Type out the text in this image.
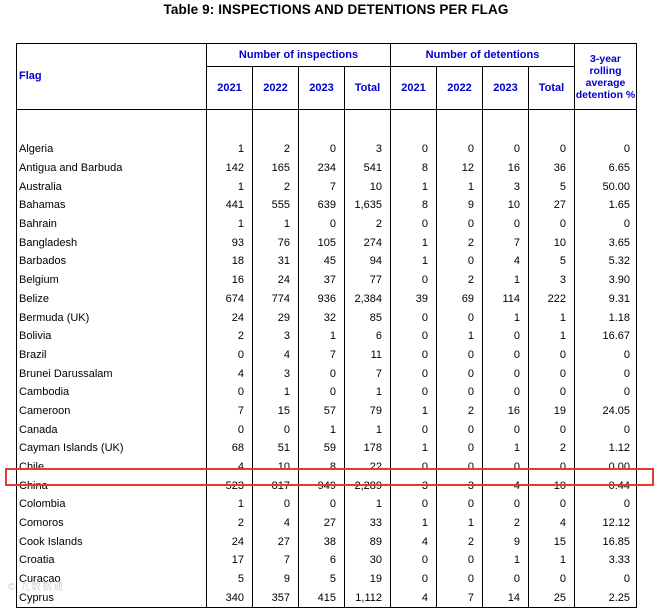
Table 9: INSPECTIONS AND DETENTIONS PER FLAG
Flag	Number of inspections				Number of detentions				3-year rolling average detention %
	2021	2022	2023	Total	2021	2022	2023	Total	

Algeria	1	2	0	3	0	0	0	0	0
Antigua and Barbuda	142	165	234	541	8	12	16	36	6.65
Australia	1	2	7	10	1	1	3	5	50.00
Bahamas	441	555	639	1,635	8	9	10	27	1.65
Bahrain	1	1	0	2	0	0	0	0	0
Bangladesh	93	76	105	274	1	2	7	10	3.65
Barbados	18	31	45	94	1	0	4	5	5.32
Belgium	16	24	37	77	0	2	1	3	3.90
Belize	674	774	936	2,384	39	69	114	222	9.31
Bermuda (UK)	24	29	32	85	0	0	1	1	1.18
Bolivia	2	3	1	6	0	1	0	1	16.67
Brazil	0	4	7	11	0	0	0	0	0
Brunei Darussalam	4	3	0	7	0	0	0	0	0
Cambodia	0	1	0	1	0	0	0	0	0
Cameroon	7	15	57	79	1	2	16	19	24.05
Canada	0	0	1	1	0	0	0	0	0
Cayman Islands (UK)	68	51	59	178	1	0	1	2	1.12
Chile	4	10	8	22	0	0	0	0	0.00
China	523	817	949	2,289	3	3	4	10	0.44
Colombia	1	0	0	1	0	0	0	0	0
Comoros	2	4	27	33	1	1	2	4	12.12
Cook Islands	24	27	38	89	4	2	9	15	16.85
Croatia	17	7	6	30	0	0	1	1	3.33
Curacao	5	9	5	19	0	0	0	0	0
Cyprus	340	357	415	1,112	4	7	14	25	2.25
© 九数据通
